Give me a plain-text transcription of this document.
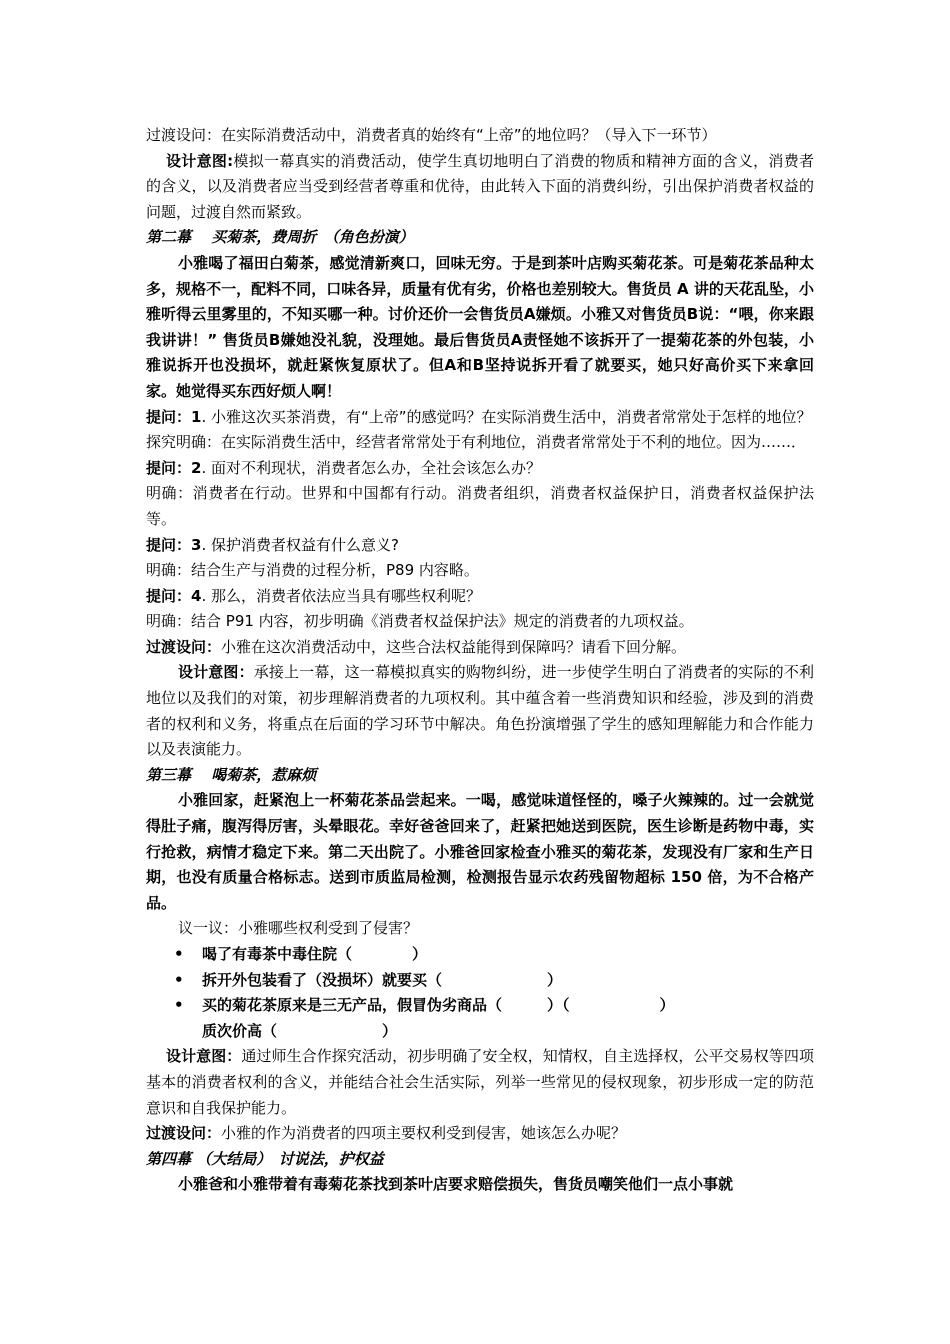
过渡设问：在实际消费活动中，消费者真的始终有“上帝”的地位吗？（导入下一环节）

设计意图:模拟一幕真实的消费活动，使学生真切地明白了消费的物质和精神方面的含义，消费者的含义，以及消费者应当受到经营者尊重和优待，由此转入下面的消费纠纷，引出保护消费者权益的问题，过渡自然而紧致。

第二幕　 买菊茶，费周折　（角色扮演）

小雅喝了福田白菊茶，感觉清新爽口，回味无穷。于是到茶叶店购买菊花茶。可是菊花茶品种太多，规格不一，配料不同，口味各异，质量有优有劣，价格也差别较大。售货员 A 讲的天花乱坠，小雅听得云里雾里的，不知买哪一种。讨价还价一会售货员A嫌烦。小雅又对售货员B说：“喂，你来跟我讲讲！” 售货员B嫌她没礼貌，没理她。最后售货员A责怪她不该拆开了一提菊花茶的外包装，小雅说拆开也没损坏，就赶紧恢复原状了。但A和B坚持说拆开看了就要买，她只好高价买下来拿回家。她觉得买东西好烦人啊！

提问：1. 小雅这次买茶消费，有“上帝”的感觉吗？在实际消费生活中，消费者常常处于怎样的地位？

探究明确：在实际消费生活中，经营者常常处于有利地位，消费者常常处于不利的地位。因为……．

提问：2. 面对不利现状，消费者怎么办，全社会该怎么办？

明确：消费者在行动。世界和中国都有行动。消费者组织，消费者权益保护日，消费者权益保护法等。

提问：3. 保护消费者权益有什么意义?

明确：结合生产与消费的过程分析，P89 内容略。

提问：4. 那么，消费者依法应当具有哪些权利呢？

明确：结合 P91 内容，初步明确《消费者权益保护法》规定的消费者的九项权益。

过渡设问：小雅在这次消费活动中，这些合法权益能得到保障吗？请看下回分解。

设计意图：承接上一幕，这一幕模拟真实的购物纠纷，进一步使学生明白了消费者的实际的不利地位以及我们的对策，初步理解消费者的九项权利。其中蕴含着一些消费知识和经验，涉及到的消费者的权利和义务，将重点在后面的学习环节中解决。角色扮演增强了学生的感知理解能力和合作能力以及表演能力。

第三幕　 喝菊茶，惹麻烦

小雅回家，赶紧泡上一杯菊花茶品尝起来。一喝，感觉味道怪怪的，嗓子火辣辣的。过一会就觉得肚子痛，腹泻得厉害，头晕眼花。幸好爸爸回来了，赶紧把她送到医院，医生诊断是药物中毒，实行抢救，病情才稳定下来。第二天出院了。小雅爸回家检查小雅买的菊花茶，发现没有厂家和生产日期，也没有质量合格标志。送到市质监局检测，检测报告显示农药残留物超标 150 倍，为不合格产品。

议一议：小雅哪些权利受到了侵害？

• 喝了有毒茶中毒住院（　　　　）
• 拆开外包装看了（没损坏）就要买（　　　　　　　）
• 买的菊花茶原来是三无产品，假冒伪劣商品（　　　）（　　　　　　）
质次价高（　　　　　　　）

设计意图：通过师生合作探究活动，初步明确了安全权，知情权，自主选择权，公平交易权等四项基本的消费者权利的含义，并能结合社会生活实际，列举一些常见的侵权现象，初步形成一定的防范意识和自我保护能力。

过渡设问：小雅的作为消费者的四项主要权利受到侵害，她该怎么办呢？

第四幕 （大结局）　讨说法，护权益

小雅爸和小雅带着有毒菊花茶找到茶叶店要求赔偿损失，售货员嘲笑他们一点小事就
